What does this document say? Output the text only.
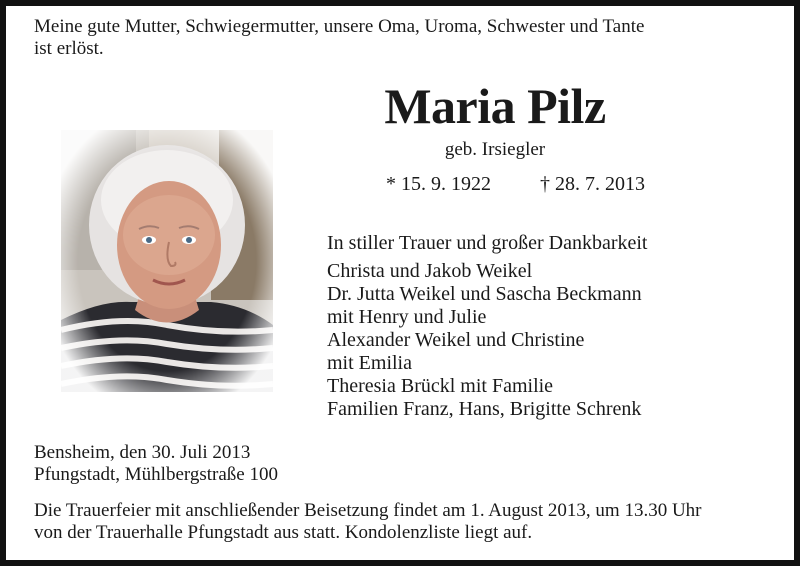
Meine gute Mutter, Schwiegermutter, unsere Oma, Uroma, Schwester und Tante
ist erlöst.
Maria Pilz
geb. Irsiegler
* 15. 9. 1922 † 28. 7. 2013
In stiller Trauer und großer Dankbarkeit
Christa und Jakob Weikel
Dr. Jutta Weikel und Sascha Beckmann
mit Henry und Julie
Alexander Weikel und Christine
mit Emilia
Theresia Brückl mit Familie
Familien Franz, Hans, Brigitte Schrenk
Bensheim, den 30. Juli 2013
Pfungstadt, Mühlbergstraße 100
Die Trauerfeier mit anschließender Beisetzung findet am 1. August 2013, um 13.30 Uhr
von der Trauerhalle Pfungstadt aus statt. Kondolenzliste liegt auf.
